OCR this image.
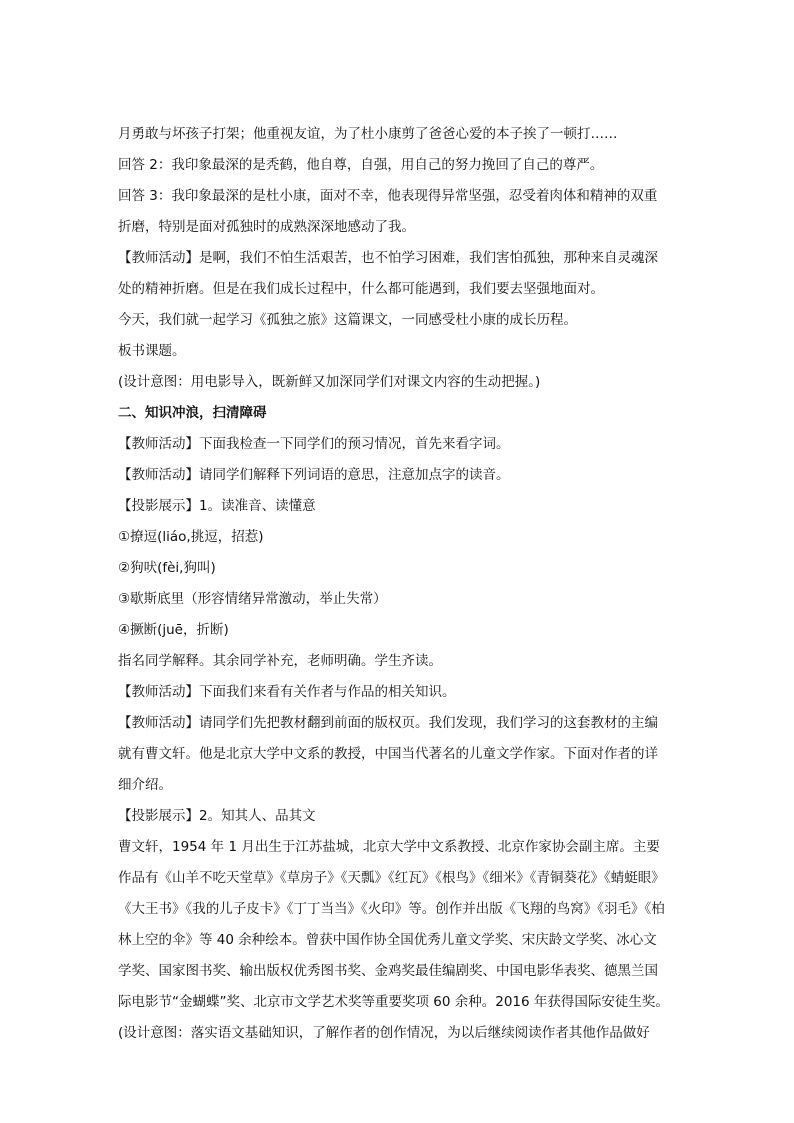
月勇敢与坏孩子打架；他重视友谊，为了杜小康剪了爸爸心爱的本子挨了一顿打……
回答 2：我印象最深的是秃鹤，他自尊，自强，用自己的努力挽回了自己的尊严。
回答 3：我印象最深的是杜小康，面对不幸，他表现得异常坚强，忍受着肉体和精神的双重
折磨，特别是面对孤独时的成熟深深地感动了我。
【教师活动】是啊，我们不怕生活艰苦，也不怕学习困难，我们害怕孤独，那种来自灵魂深
处的精神折磨。但是在我们成长过程中，什么都可能遇到，我们要去坚强地面对。
今天，我们就一起学习《孤独之旅》这篇课文，一同感受杜小康的成长历程。
板书课题。
(设计意图：用电影导入，既新鲜又加深同学们对课文内容的生动把握。)
二、知识冲浪，扫清障碍
【教师活动】下面我检查一下同学们的预习情况，首先来看字词。
【教师活动】请同学们解释下列词语的意思，注意加点字的读音。
【投影展示】1。读准音、读懂意
①撩逗(liáo,挑逗，招惹)
②狗吠(fèi,狗叫)
③歇斯底里（形容情绪异常激动，举止失常）
④撅断(juē，折断)
指名同学解释。其余同学补充，老师明确。学生齐读。
【教师活动】下面我们来看有关作者与作品的相关知识。
【教师活动】请同学们先把教材翻到前面的版权页。我们发现，我们学习的这套教材的主编
就有曹文轩。他是北京大学中文系的教授，中国当代著名的儿童文学作家。下面对作者的详
细介绍。
【投影展示】2。知其人、品其文
曹文轩，1954 年 1 月出生于江苏盐城，北京大学中文系教授、北京作家协会副主席。主要
作品有《山羊不吃天堂草》《草房子》《天瓢》《红瓦》《根鸟》《细米》《青铜葵花》《蜻蜓眼》
《大王书》《我的儿子皮卡》《丁丁当当》《火印》等。创作并出版《飞翔的鸟窝》《羽毛》《柏
林上空的伞》等 40 余种绘本。曾获中国作协全国优秀儿童文学奖、宋庆龄文学奖、冰心文
学奖、国家图书奖、输出版权优秀图书奖、金鸡奖最佳编剧奖、中国电影华表奖、德黑兰国
际电影节“金蝴蝶”奖、北京市文学艺术奖等重要奖项 60 余种。2016 年获得国际安徒生奖。
(设计意图：落实语文基础知识，了解作者的创作情况，为以后继续阅读作者其他作品做好
